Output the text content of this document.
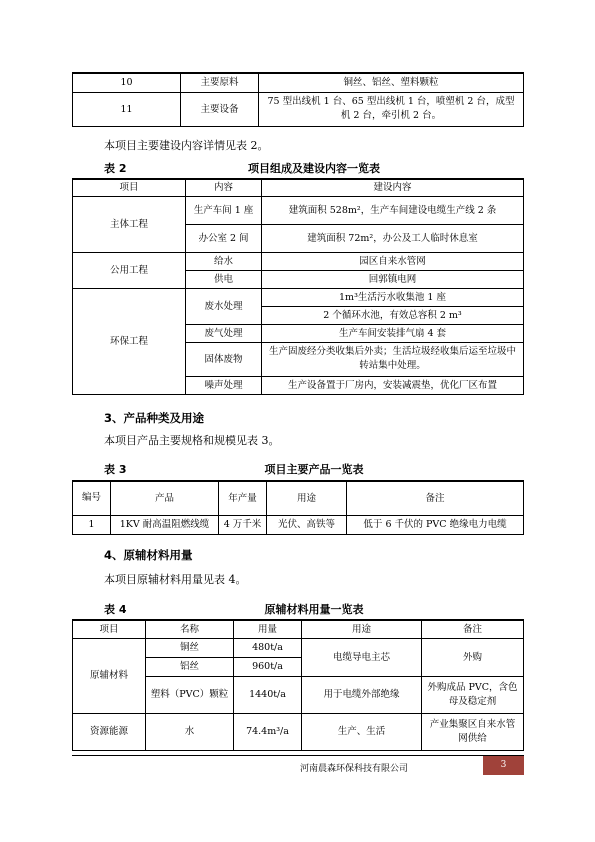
10	主要原料	铜丝、铝丝、塑料颗粒
11	主要设备	75 型出线机 1 台、65 型出线机 1 台，喷塑机 2 台，成型机 2 台，牵引机 2 台。
本项目主要建设内容详情见表 2。
表 2	项目组成及建设内容一览表
项目	内容	建设内容
主体工程	生产车间 1 座	建筑面积 528m²，生产车间建设电缆生产线 2 条
	办公室 2 间	建筑面积 72m²，办公及工人临时休息室
公用工程	给水	园区自来水管网
	供电	回郭镇电网
环保工程	废水处理	1m³生活污水收集池 1 座
		2 个循环水池，有效总容积 2 m³
	废气处理	生产车间安装排气扇 4 套
	固体废物	生产固废经分类收集后外卖；生活垃圾经收集后运至垃圾中转站集中处理。
	噪声处理	生产设备置于厂房内，安装减震垫，优化厂区布置
3、产品种类及用途
本项目产品主要规格和规模见表 3。
表 3	项目主要产品一览表
编号	产品	年产量	用途	备注
1	1KV 耐高温阻燃线缆	4 万千米	光伏、高铁等	低于 6 千伏的 PVC 绝缘电力电缆
4、原辅材料用量
本项目原辅材料用量见表 4。
表 4	原辅材料用量一览表
项目	名称	用量	用途	备注
原辅材料	铜丝	480t/a	电缆导电主芯	外购
	铝丝	960t/a		
	塑料（PVC）颗粒	1440t/a	用于电缆外部绝缘	外购成品 PVC，含色母及稳定剂
资源能源	水	74.4m³/a	生产、生活	产业集聚区自来水管网供给
河南晨森环保科技有限公司	3
